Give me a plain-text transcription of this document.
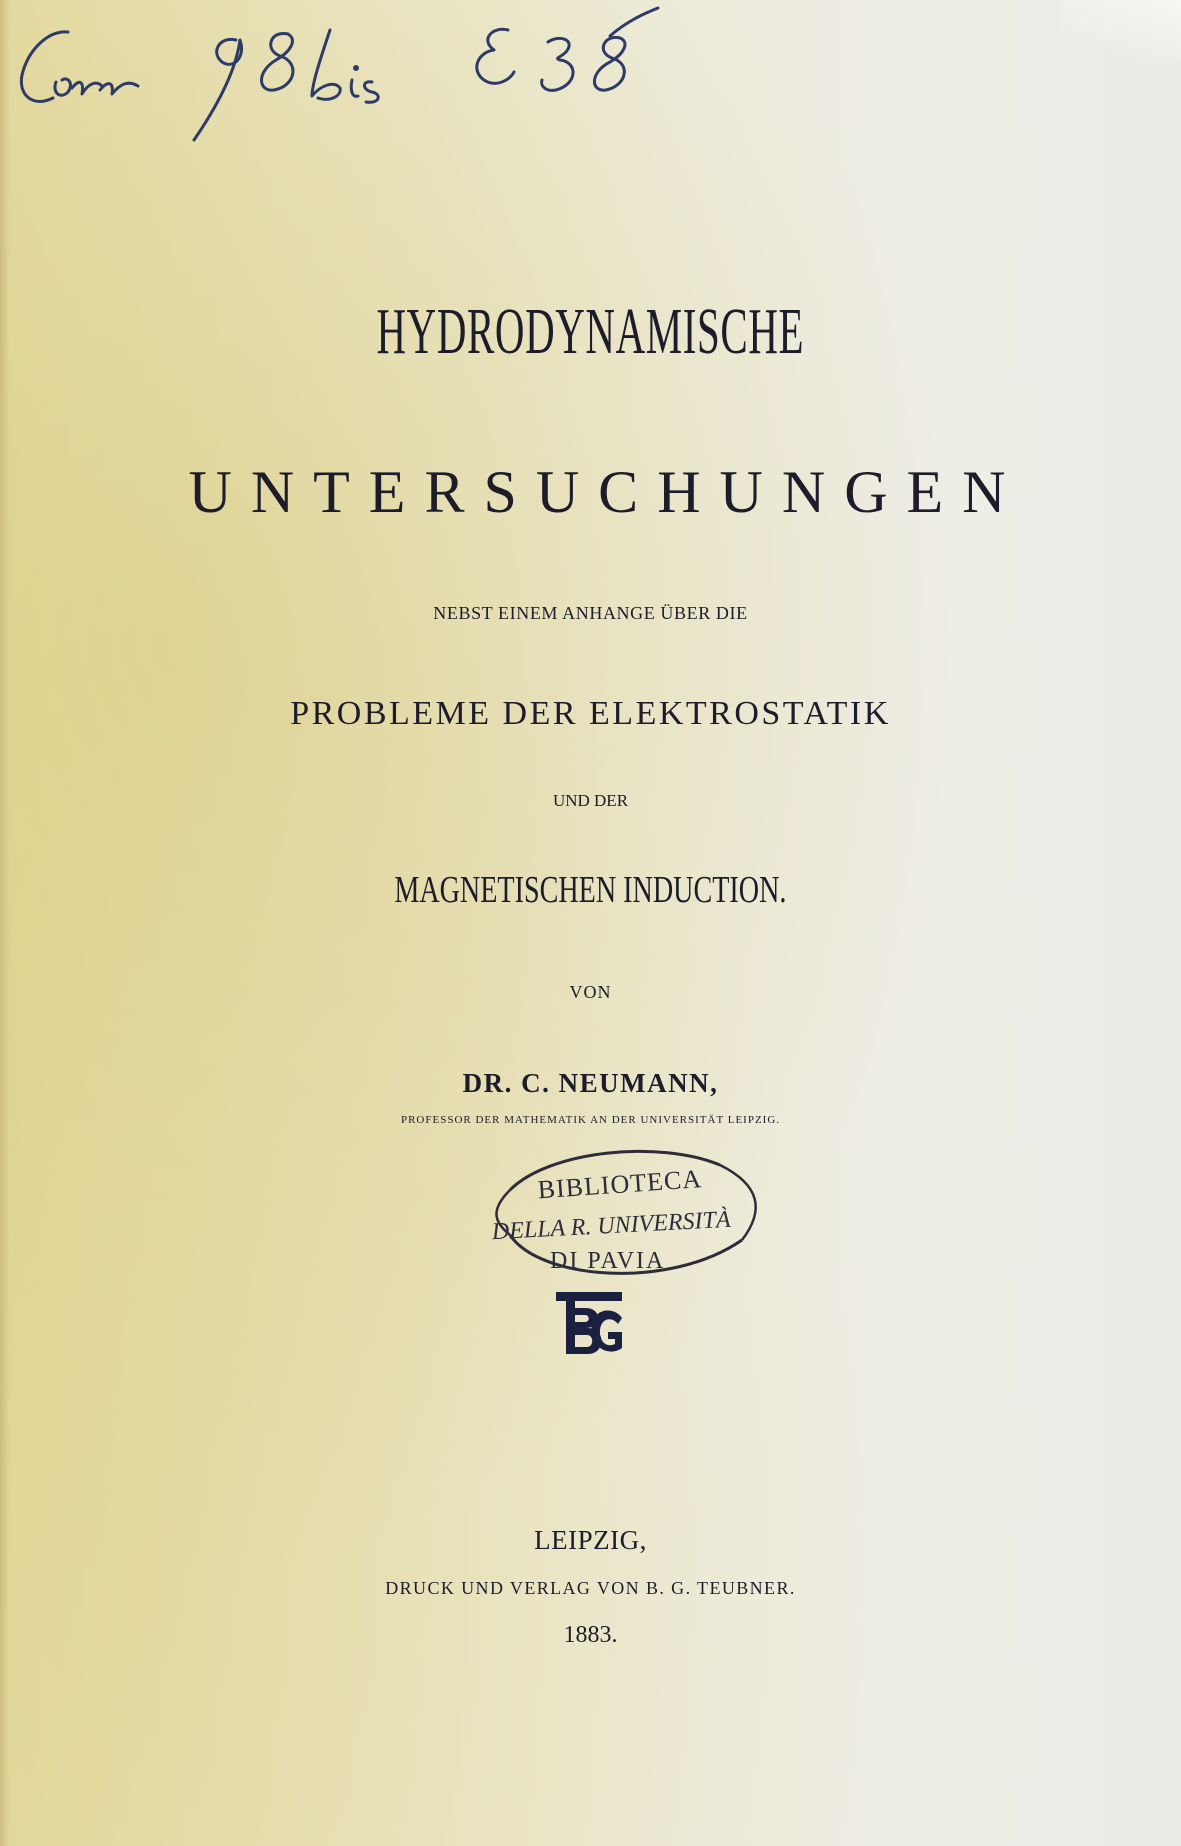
HYDRODYNAMISCHE
UNTERSUCHUNGEN
NEBST EINEM ANHANGE ÜBER DIE
PROBLEME DER ELEKTROSTATIK
UND DER
MAGNETISCHEN INDUCTION.
VON
DR. C. NEUMANN,
PROFESSOR DER MATHEMATIK AN DER UNIVERSITÄT LEIPZIG.
BIBLIOTECA
DELLA R. UNIVERSITÀ
DI PAVIA
LEIPZIG,
DRUCK UND VERLAG VON B. G. TEUBNER.
1883.
